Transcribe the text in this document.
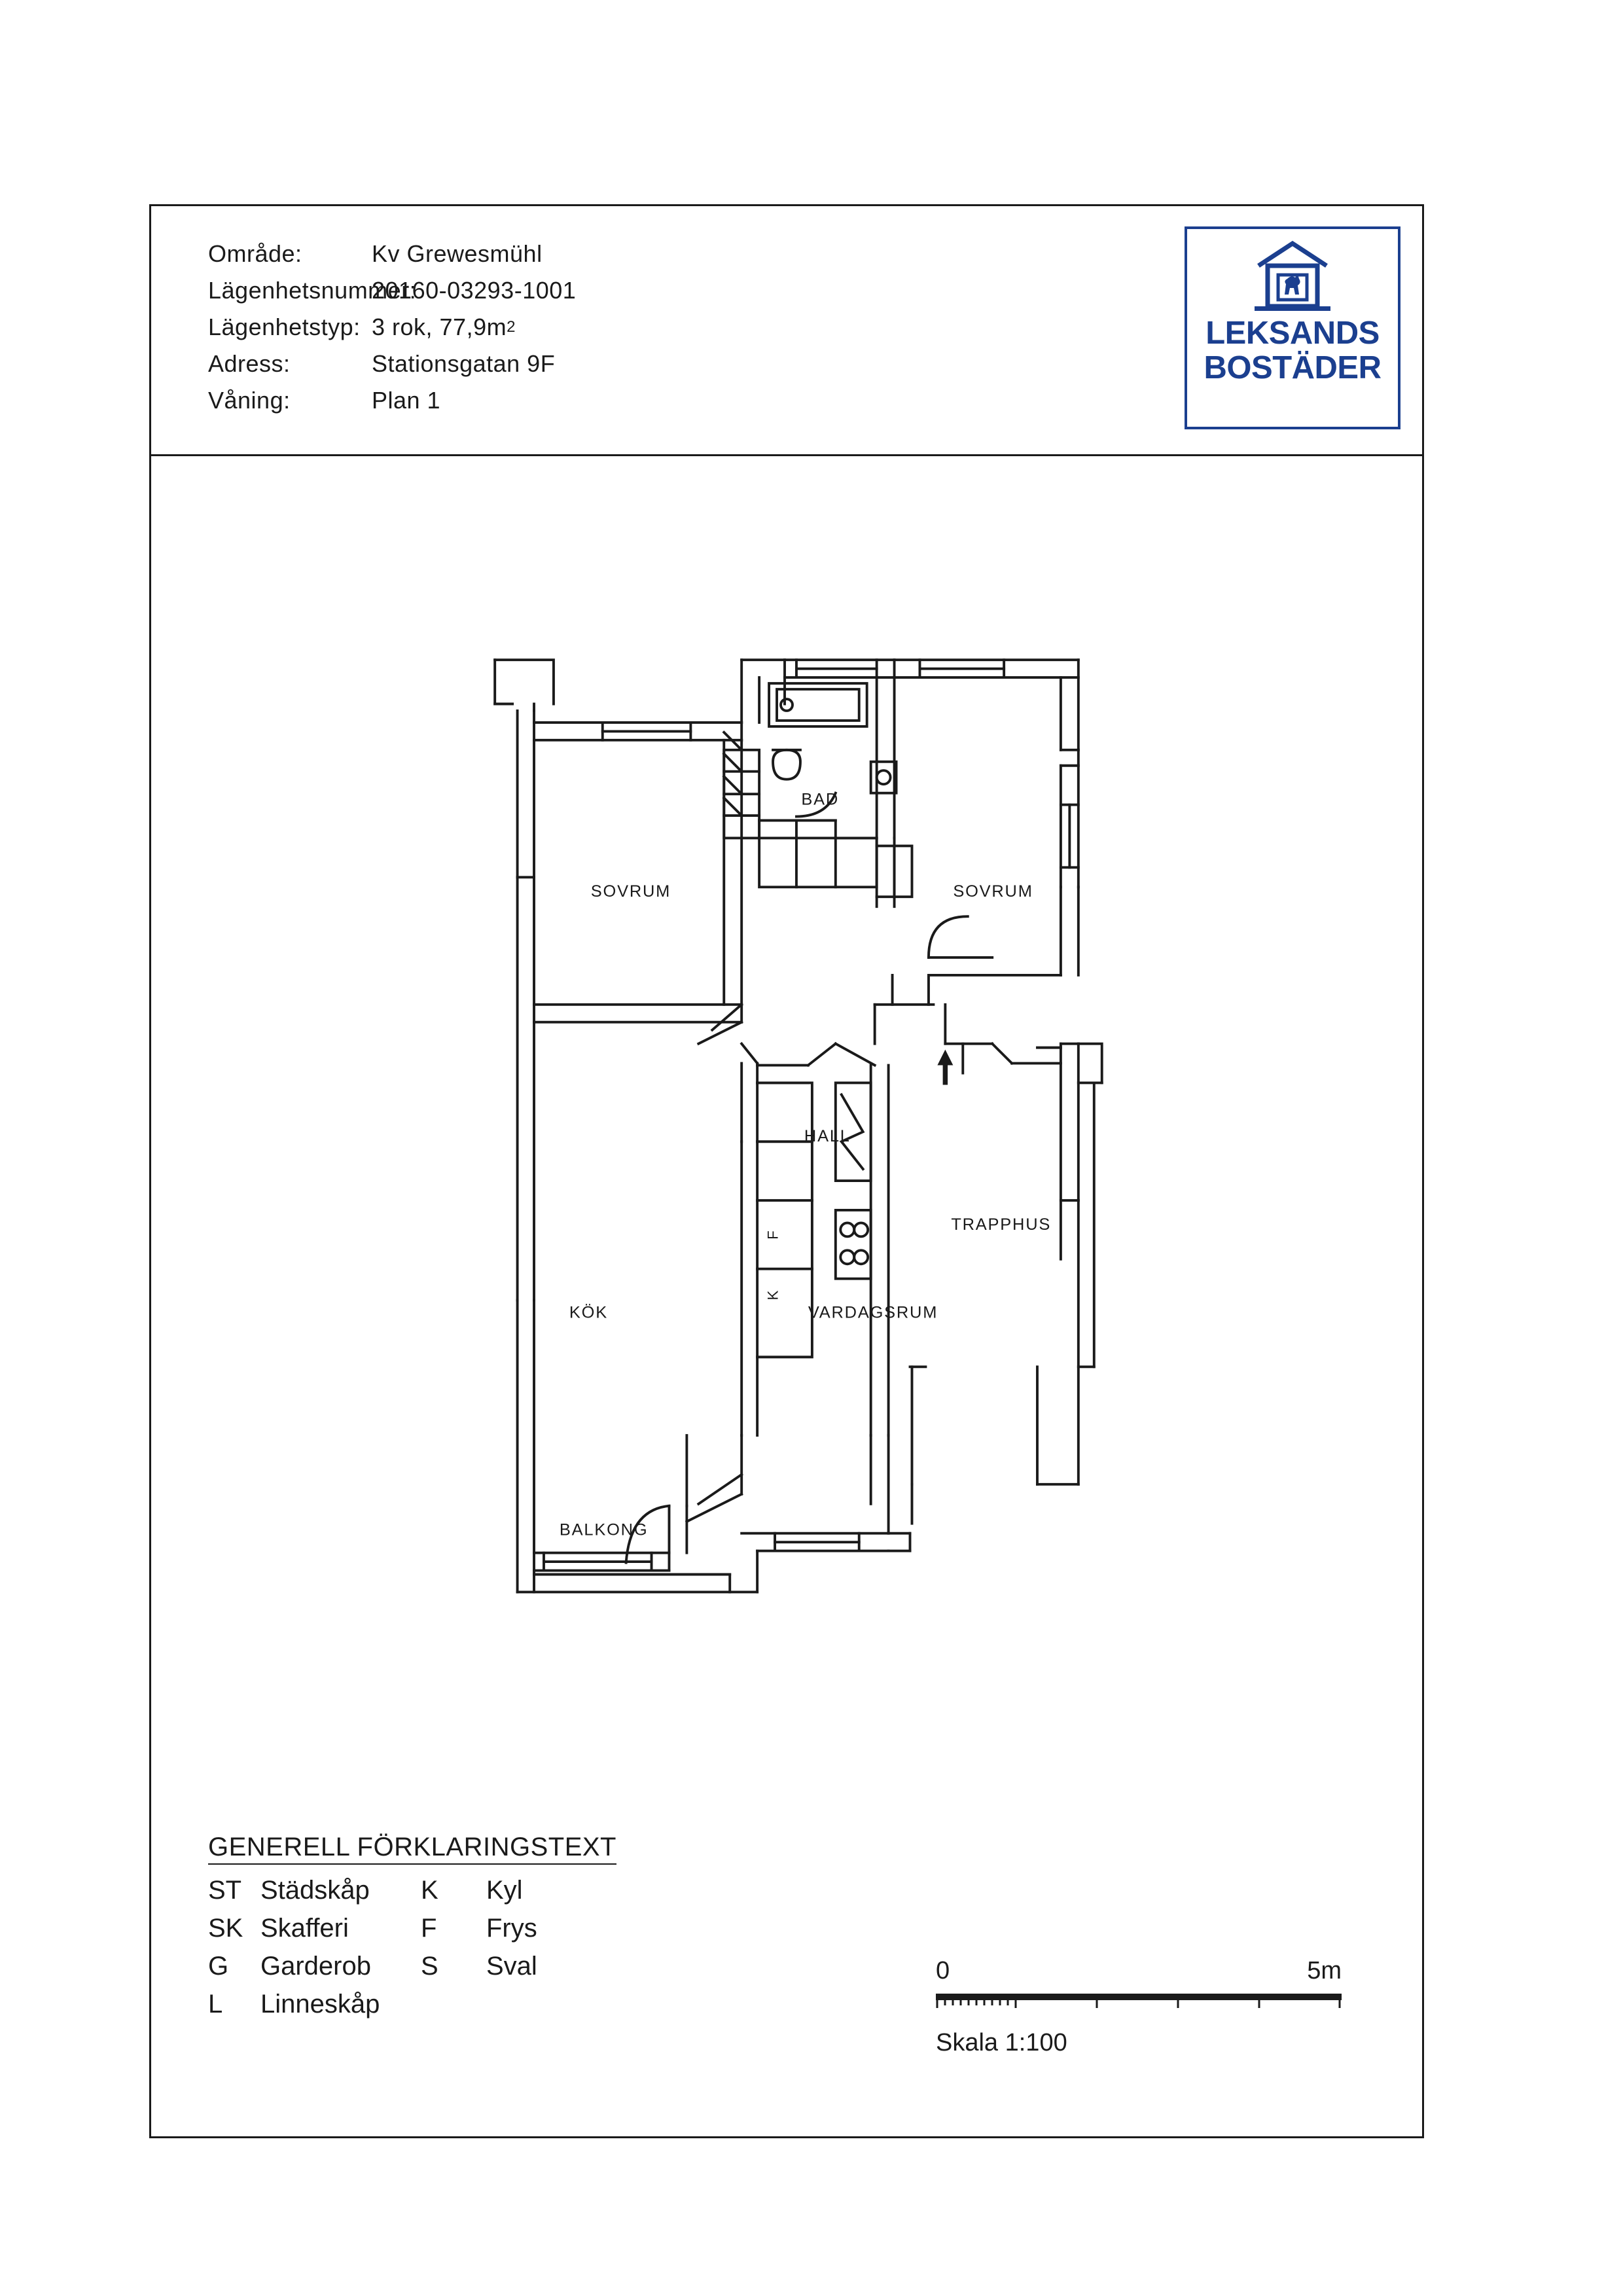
Område:	Kv Grewesmühl
Lägenhetsnummer:
20160-03293-1001
Lägenhetstyp: 3 rok, 77,9m 2
Adress:	Stationsgatan 9F
Våning:	Plan 1
LEKSANDS
BOSTÄDER
BAD
SOVRUM	SOVRUM
HALL
TRAPPHUS
VARDAGSRUM
KÖK
BALKONG
K
F
GENERELL FÖRKLARINGSTEXT
ST Städskåp	K	Kyl
SK Skafferi	F	Frys
G	Garderob	S	Sval
L	Linneskåp
0	5m
Skala 1:100
